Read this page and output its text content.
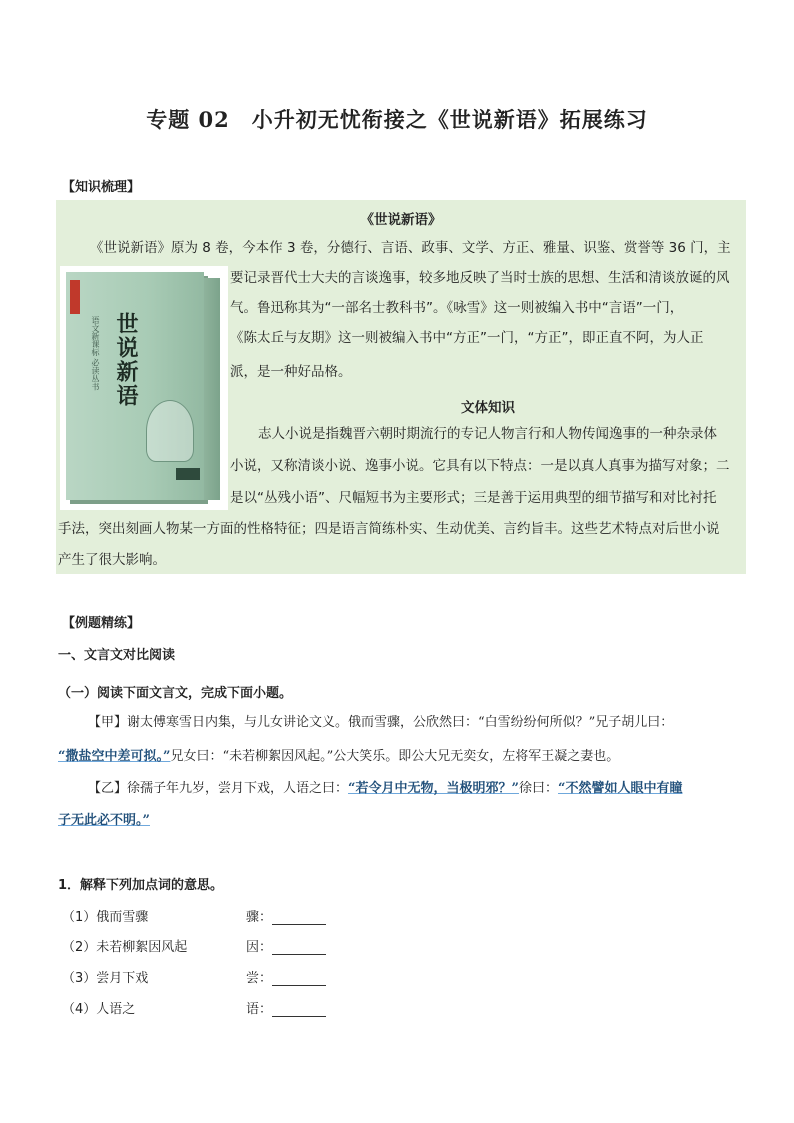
专题 02　小升初无忧衔接之《世说新语》拓展练习
【知识梳理】
《世说新语》
《世说新语》原为 8 卷，今本作 3 卷，分德行、言语、政事、文学、方正、雅量、识鉴、赏誉等 36 门，主
要记录晋代士大夫的言谈逸事，较多地反映了当时士族的思想、生活和清谈放诞的风
气。鲁迅称其为“一部名士教科书”。《咏雪》这一则被编入书中“言语”一门，
《陈太丘与友期》这一则被编入书中“方正”一门，“方正”，即正直不阿，为人正
派，是一种好品格。
文体知识
志人小说是指魏晋六朝时期流行的专记人物言行和人物传闻逸事的一种杂录体
小说，又称清谈小说、逸事小说。它具有以下特点：一是以真人真事为描写对象；二
是以“丛残小语”、尺幅短书为主要形式；三是善于运用典型的细节描写和对比衬托
手法，突出刻画人物某一方面的性格特征；四是语言简练朴实、生动优美、言约旨丰。这些艺术特点对后世小说
产生了很大影响。
语文新课标 必读丛书 世说新语
【例题精练】
一、文言文对比阅读
（一）阅读下面文言文，完成下面小题。
【甲】谢太傅寒雪日内集，与儿女讲论文义。俄而雪骤，公欣然曰：“白雪纷纷何所似？”兄子胡儿曰：
“撒盐空中差可拟。”兄女曰：“未若柳絮因风起。”公大笑乐。即公大兄无奕女，左将军王凝之妻也。
【乙】徐孺子年九岁，尝月下戏，人语之曰：“若令月中无物，当极明邪？”徐曰：“不然譬如人眼中有瞳
子无此必不明。”
1．解释下列加点词的意思。
（1）俄而雪骤	骤：
（2）未若柳絮因风起	因：
（3）尝月下戏	尝：
（4）人语之	语：
